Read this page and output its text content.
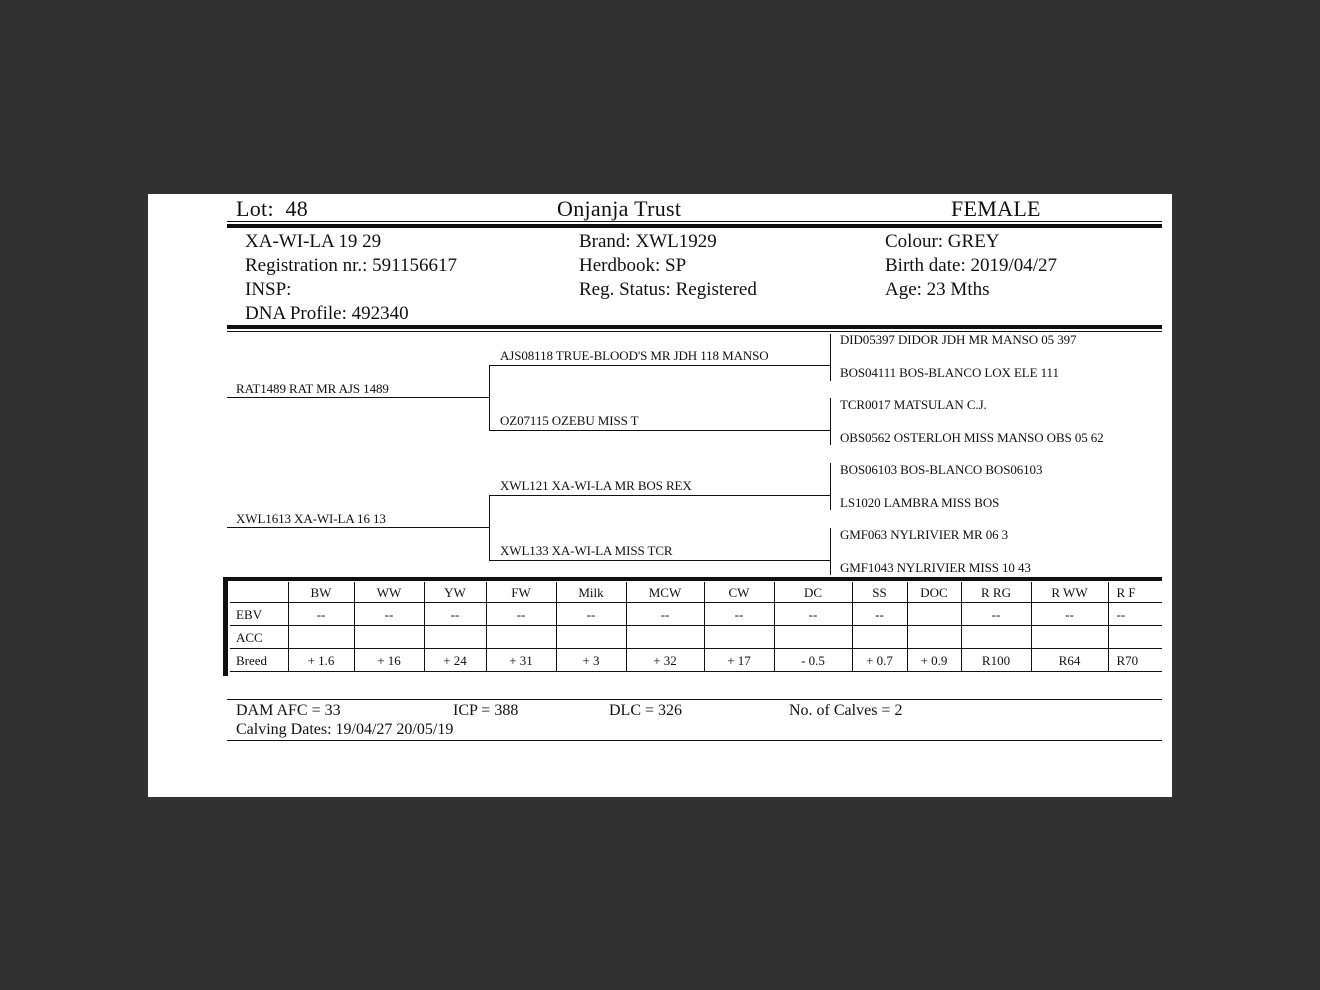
Lot: 48	Onjanja Trust	FEMALE
XA-WI-LA 19 29
Registration nr.: 591156617
INSP:
DNA Profile: 492340
Brand: XWL1929
Herdbook: SP
Reg. Status: Registered
Colour: GREY
Birth date: 2019/04/27
Age: 23 Mths
RAT1489 RAT MR AJS 1489
XWL1613 XA-WI-LA 16 13
AJS08118 TRUE-BLOOD'S MR JDH 118 MANSO
OZ07115 OZEBU MISS T
XWL121 XA-WI-LA MR BOS REX
XWL133 XA-WI-LA MISS TCR
DID05397 DIDOR JDH MR MANSO 05 397
BOS04111 BOS-BLANCO LOX ELE 111
TCR0017 MATSULAN C.J.
OBS0562 OSTERLOH MISS MANSO OBS 05 62
BOS06103 BOS-BLANCO BOS06103
LS1020 LAMBRA MISS BOS
GMF063 NYLRIVIER MR 06 3
GMF1043 NYLRIVIER MISS 10 43
	BW	WW	YW	FW	Milk	MCW	CW	DC	SS	DOC	R RG	R WW	R F
EBV	--	--	--	--	--	--	--	--	--		--	--	--
ACC													
Breed	+ 1.6	+ 16	+ 24	+ 31	+ 3	+ 32	+ 17	- 0.5	+ 0.7	+ 0.9	R100	R64	R70
DAM AFC = 33	ICP = 388	DLC = 326	No. of Calves = 2
Calving Dates: 19/04/27 20/05/19
